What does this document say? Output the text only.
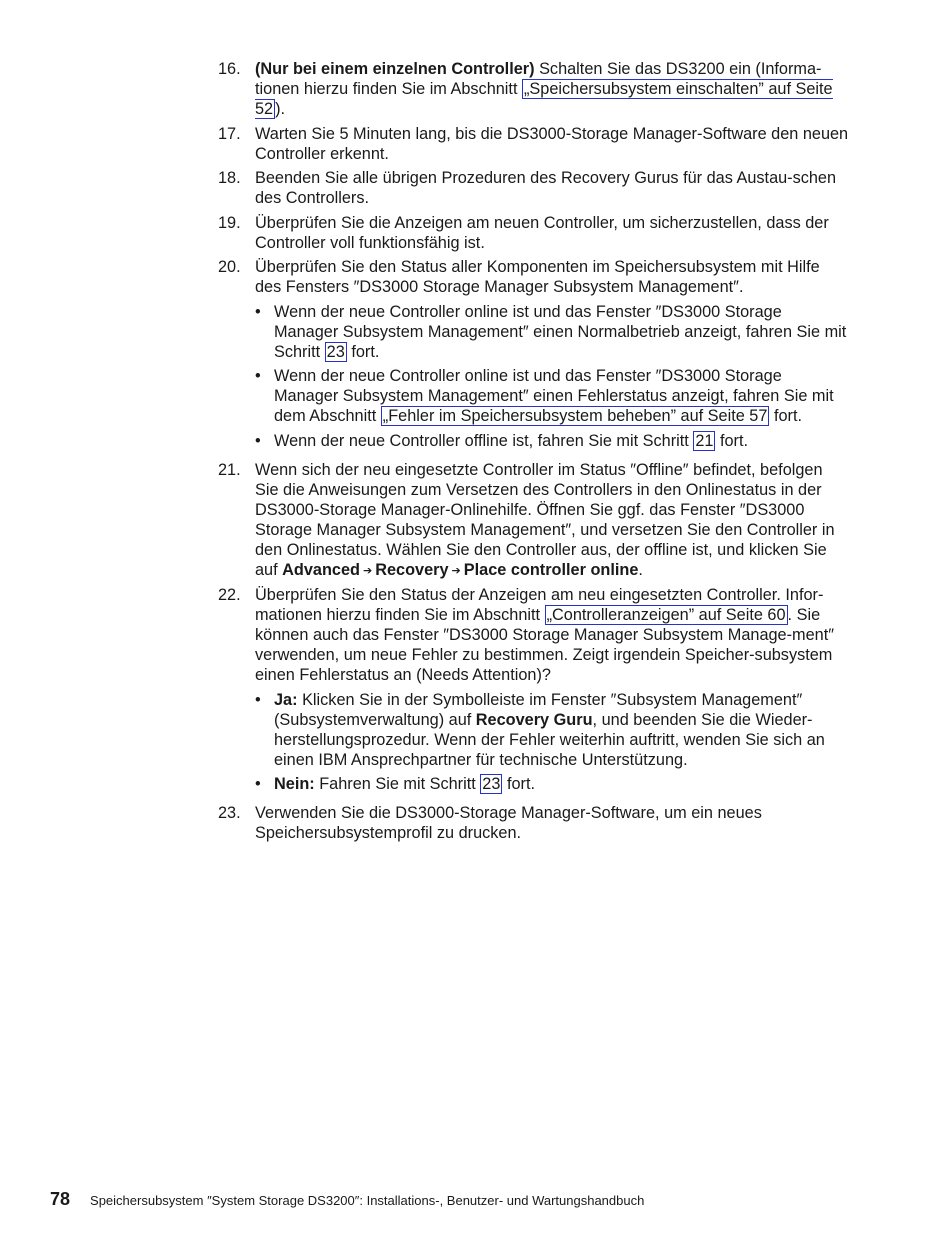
16. (Nur bei einem einzelnen Controller) Schalten Sie das DS3200 ein (Informa-tionen hierzu finden Sie im Abschnitt „Speichersubsystem einschalten” auf Seite 52 ).
17. Warten Sie 5 Minuten lang, bis die DS3000-Storage Manager-Software den neuen Controller erkennt.
18. Beenden Sie alle übrigen Prozeduren des Recovery Gurus für das Austau-schen des Controllers.
19. Überprüfen Sie die Anzeigen am neuen Controller, um sicherzustellen, dass der Controller voll funktionsfähig ist.
20. Überprüfen Sie den Status aller Komponenten im Speichersubsystem mit Hilfe des Fensters ″DS3000 Storage Manager Subsystem Management″.
• Wenn der neue Controller online ist und das Fenster ″DS3000 Storage Manager Subsystem Management″ einen Normalbetrieb anzeigt, fahren Sie mit Schritt 23 fort.
• Wenn der neue Controller online ist und das Fenster ″DS3000 Storage Manager Subsystem Management″ einen Fehlerstatus anzeigt, fahren Sie mit dem Abschnitt „Fehler im Speichersubsystem beheben” auf Seite 57 fort.
• Wenn der neue Controller offline ist, fahren Sie mit Schritt 21 fort.
21. Wenn sich der neu eingesetzte Controller im Status ″Offline″ befindet, befolgen Sie die Anweisungen zum Versetzen des Controllers in den Onlinestatus in der DS3000-Storage Manager-Onlinehilfe. Öffnen Sie ggf. das Fenster ″DS3000 Storage Manager Subsystem Management″, und versetzen Sie den Controller in den Onlinestatus. Wählen Sie den Controller aus, der offline ist, und klicken Sie auf Advanced ➔ Recovery ➔ Place controller online.
22. Überprüfen Sie den Status der Anzeigen am neu eingesetzten Controller. Infor-mationen hierzu finden Sie im Abschnitt „Controlleranzeigen” auf Seite 60 . Sie können auch das Fenster ″DS3000 Storage Manager Subsystem Manage-ment″ verwenden, um neue Fehler zu bestimmen. Zeigt irgendein Speicher-subsystem einen Fehlerstatus an (Needs Attention)?
• Ja: Klicken Sie in der Symbolleiste im Fenster ″Subsystem Management″ (Subsystemverwaltung) auf Recovery Guru, und beenden Sie die Wieder-herstellungsprozedur. Wenn der Fehler weiterhin auftritt, wenden Sie sich an einen IBM Ansprechpartner für technische Unterstützung.
• Nein: Fahren Sie mit Schritt 23 fort.
23. Verwenden Sie die DS3000-Storage Manager-Software, um ein neues Speichersubsystemprofil zu drucken.
78 Speichersubsystem ″System Storage DS3200″: Installations-, Benutzer- und Wartungshandbuch
